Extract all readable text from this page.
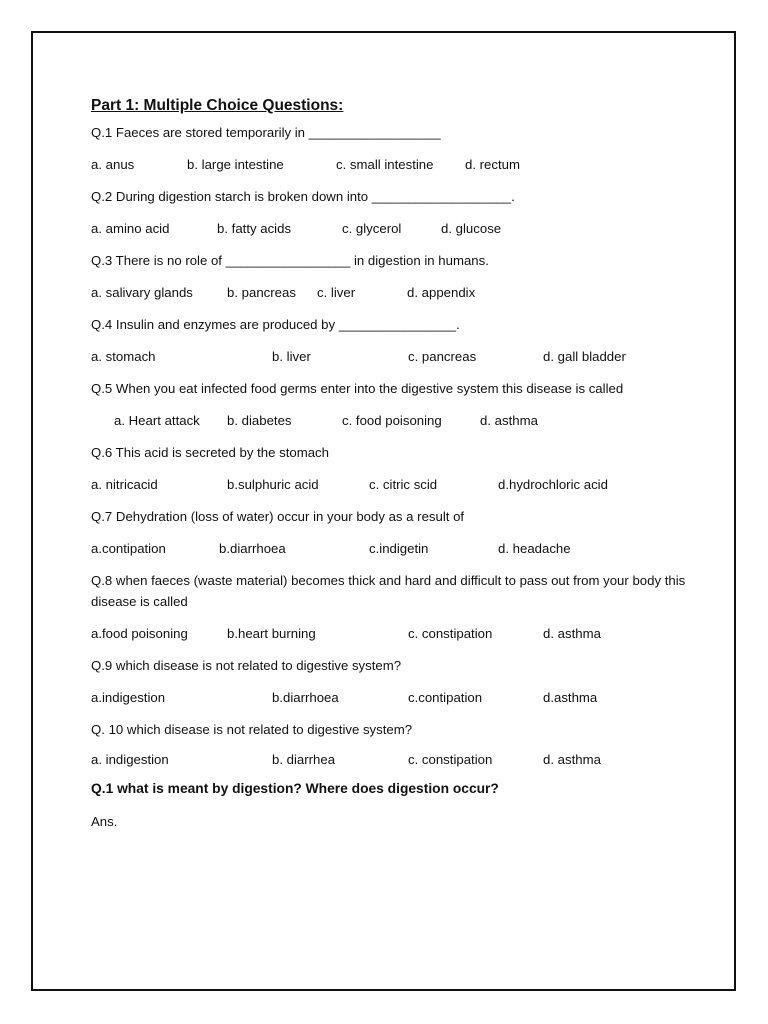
Part 1: Multiple Choice Questions:

Q.1 Faeces are stored temporarily in __________________

a. anus	b. large intestine	c. small intestine d. rectum

Q.2 During digestion starch is broken down into ___________________.

a. amino acid	b. fatty acids	c. glycerol	d. glucose

Q.3 There is no role of _________________ in digestion in humans.

a. salivary glands	b. pancreas c. liver	d. appendix

Q.4 Insulin and enzymes are produced by ________________.

a. stomach	b. liver	c. pancreas	d. gall bladder

Q.5 When you eat infected food germs enter into the digestive system this disease is called

a. Heart attack b. diabetes	c. food poisoning	d. asthma

Q.6 This acid is secreted by the stomach

a. nitricacid	b.sulphuric acid	c. citric scid	d.hydrochloric acid

Q.7 Dehydration (loss of water) occur in your body as a result of

a.contipation	b.diarrhoea	c.indigetin	d. headache

Q.8 when faeces (waste material) becomes thick and hard and difficult to pass out from your body this disease is called

a.food poisoning	b.heart burning	c. constipation	d. asthma

Q.9 which disease is not related to digestive system?

a.indigestion	b.diarrhoea	c.contipation	d.asthma

Q. 10 which disease is not related to digestive system?

a. indigestion	b. diarrhea	c. constipation	d. asthma

Q.1 what is meant by digestion? Where does digestion occur?

Ans.
